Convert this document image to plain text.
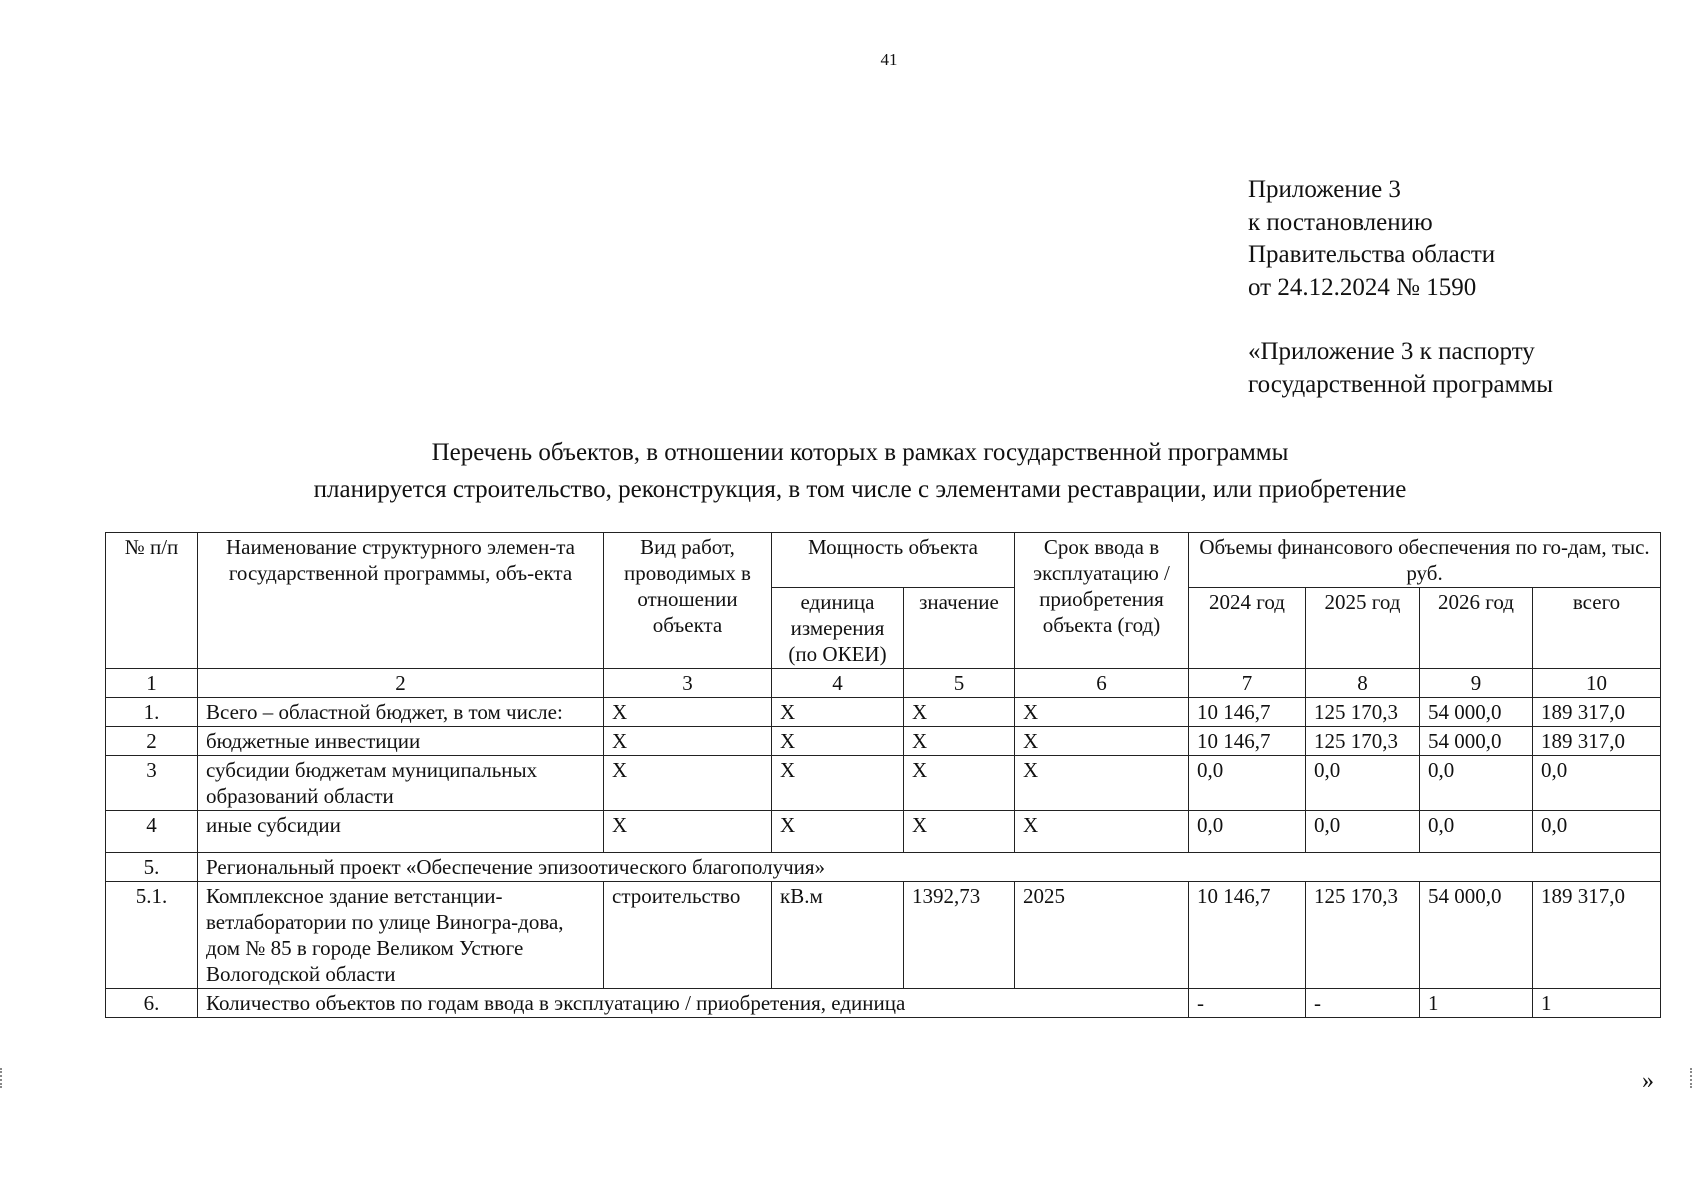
41
Приложение 3
к постановлению
Правительства области
от 24.12.2024 № 1590
«Приложение 3 к паспорту
государственной программы
Перечень объектов, в отношении которых в рамках государственной программы
планируется строительство, реконструкция, в том числе с элементами реставрации, или приобретение
№ п/п	Наименование структурного элемен-та государственной программы, объ-екта	Вид работ, проводимых в отношении объекта	Мощность объекта		Срок ввода в эксплуатацию /приобретения объекта (год)	Объемы финансового обеспечения по го-дам, тыс. руб.			
			единица измерения (по ОКЕИ)	значение		2024 год	2025 год	2026 год	всего
1	2	3	4	5	6	7	8	9	10
1.	Всего – областной бюджет, в том числе:	Х	Х	Х	Х	10 146,7	125 170,3	54 000,0	189 317,0
2	бюджетные инвестиции	Х	Х	Х	Х	10 146,7	125 170,3	54 000,0	189 317,0
3	субсидии бюджетам муниципальных образований области	Х	Х	Х	Х	0,0	0,0	0,0	0,0
4	иные субсидии	Х	Х	Х	Х	0,0	0,0	0,0	0,0
5.	Региональный проект «Обеспечение эпизоотического благополучия»								
5.1.	Комплексное здание ветстанции-ветлаборатории по улице Виногра-дова, дом № 85 в городе Великом Устюге Вологодской области	строительство	кВ.м	1392,73	2025	10 146,7	125 170,3	54 000,0	189 317,0
6.	Количество объектов по годам ввода в эксплуатацию / приобретения, единица					-	-	1	1
»
